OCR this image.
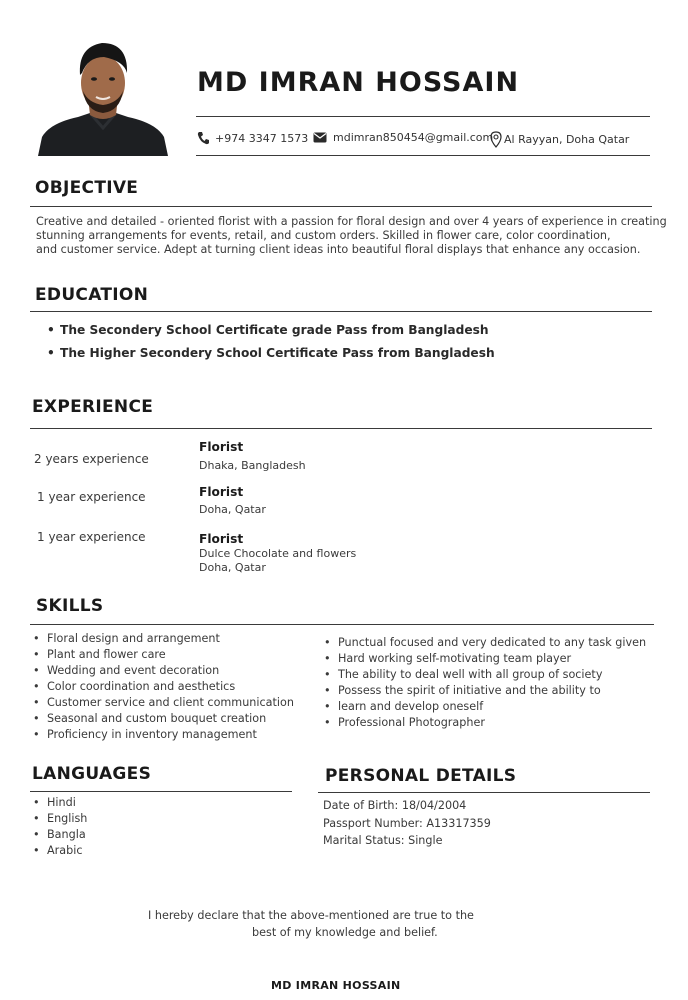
MD IMRAN HOSSAIN
+974 3347 1573 mdimran850454@gmail.com Al Rayyan, Doha Qatar
OBJECTIVE
Creative and detailed - oriented florist with a passion for floral design and over 4 years of experience in creating
stunning arrangements for events, retail, and custom orders. Skilled in flower care, color coordination,
and customer service. Adept at turning client ideas into beautiful floral displays that enhance any occasion.
EDUCATION
• The Secondery School Certificate grade Pass from Bangladesh
• The Higher Secondery School Certificate Pass from Bangladesh
EXPERIENCE
2 years experience
Florist
Dhaka, Bangladesh
1 year experience	Florist
Doha, Qatar
1 year experience	Florist
Dulce Chocolate and flowers
Doha, Qatar
SKILLS
• Floral design and arrangement
• Plant and flower care
• Wedding and event decoration
• Color coordination and aesthetics
• Customer service and client communication
• Seasonal and custom bouquet creation
• Proficiency in inventory management
• Punctual focused and very dedicated to any task given
• Hard working self-motivating team player
• The ability to deal well with all group of society
• Possess the spirit of initiative and the ability to
• learn and develop oneself
• Professional Photographer
LANGUAGES
• Hindi
• English
• Bangla
• Arabic
PERSONAL DETAILS
Date of Birth: 18/04/2004
Passport Number: A13317359
Marital Status: Single
I hereby declare that the above-mentioned are true to the
best of my knowledge and belief.
MD IMRAN HOSSAIN
